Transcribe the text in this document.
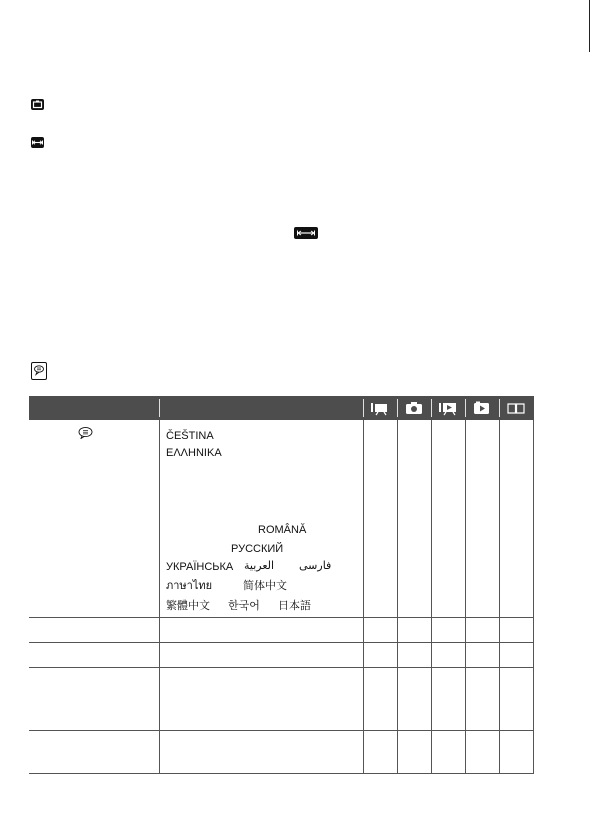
ČEŠTINA
ΕΛΛΗΝΙΚΑ
ROMÂNĂ
РУССКИЙ
УКРАЇНСЬКА العربية فارسی
ภาษาไทย	简体中文
繁體中文 한국어 日本語
